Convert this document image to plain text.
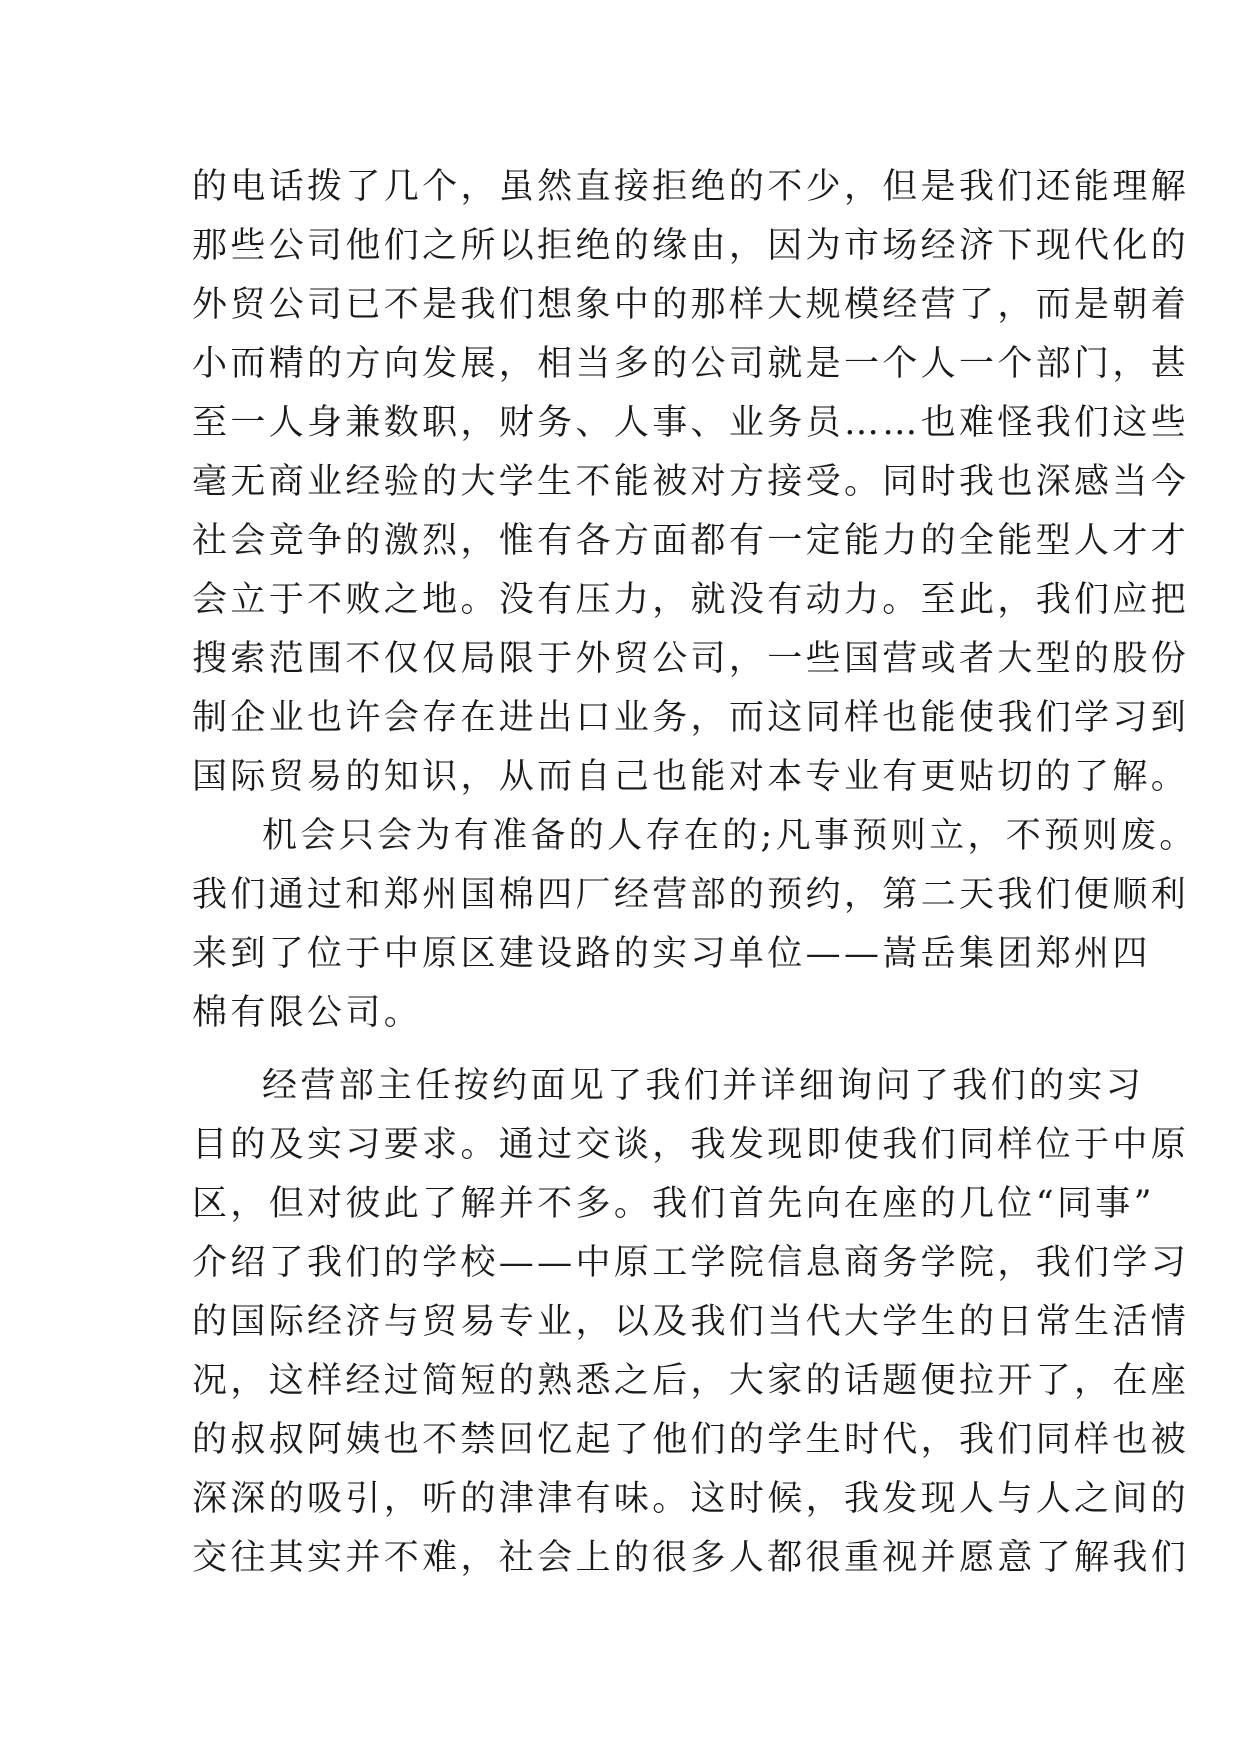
的电话拨了几个，虽然直接拒绝的不少，但是我们还能理解
那些公司他们之所以拒绝的缘由，因为市场经济下现代化的
外贸公司已不是我们想象中的那样大规模经营了，而是朝着
小而精的方向发展，相当多的公司就是一个人一个部门，甚
至一人身兼数职，财务、人事、业务员……也难怪我们这些
毫无商业经验的大学生不能被对方接受。同时我也深感当今
社会竞争的激烈，惟有各方面都有一定能力的全能型人才才
会立于不败之地。没有压力，就没有动力。至此，我们应把
搜索范围不仅仅局限于外贸公司，一些国营或者大型的股份
制企业也许会存在进出口业务，而这同样也能使我们学习到
国际贸易的知识，从而自己也能对本专业有更贴切的了解。
机会只会为有准备的人存在的;凡事预则立，不预则废。
我们通过和郑州国棉四厂经营部的预约，第二天我们便顺利
来到了位于中原区建设路的实习单位——嵩岳集团郑州四
棉有限公司。
经营部主任按约面见了我们并详细询问了我们的实习
目的及实习要求。通过交谈，我发现即使我们同样位于中原
区，但对彼此了解并不多。我们首先向在座的几位“同事”
介绍了我们的学校——中原工学院信息商务学院，我们学习
的国际经济与贸易专业，以及我们当代大学生的日常生活情
况，这样经过简短的熟悉之后，大家的话题便拉开了，在座
的叔叔阿姨也不禁回忆起了他们的学生时代，我们同样也被
深深的吸引，听的津津有味。这时候，我发现人与人之间的
交往其实并不难，社会上的很多人都很重视并愿意了解我们
